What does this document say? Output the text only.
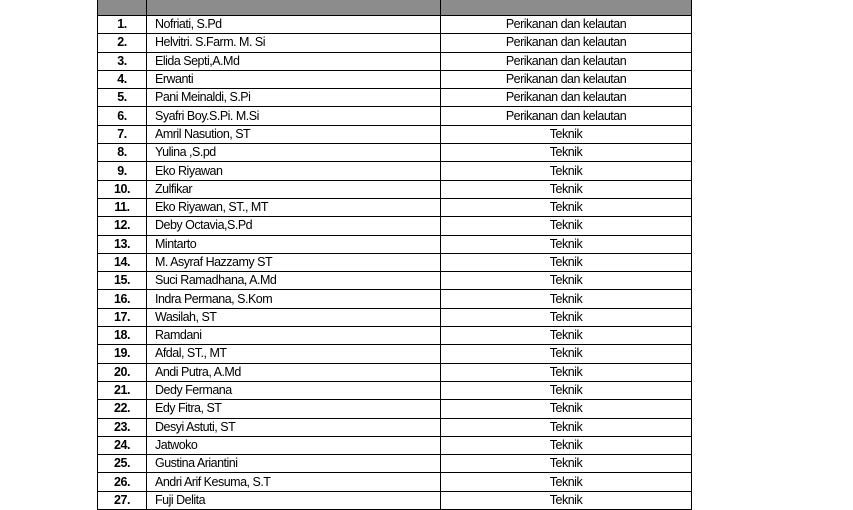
1.	Nofriati, S.Pd	Perikanan dan kelautan
2.	Helvitri. S.Farm. M. Si	Perikanan dan kelautan
3.	Elida Septi,A.Md	Perikanan dan kelautan
4.	Erwanti	Perikanan dan kelautan
5.	Pani Meinaldi, S.Pi	Perikanan dan kelautan
6.	Syafri Boy.S.Pi. M.Si	Perikanan dan kelautan
7.	Amril Nasution, ST	Teknik
8.	Yulina ,S.pd	Teknik
9.	Eko Riyawan	Teknik
10.	Zulfikar	Teknik
11.	Eko Riyawan, ST., MT	Teknik
12.	Deby Octavia,S.Pd	Teknik
13.	Mintarto	Teknik
14.	M. Asyraf Hazzamy ST	Teknik
15.	Suci Ramadhana, A.Md	Teknik
16.	Indra Permana, S.Kom	Teknik
17.	Wasilah, ST	Teknik
18.	Ramdani	Teknik
19.	Afdal, ST., MT	Teknik
20.	Andi Putra, A.Md	Teknik
21.	Dedy Fermana	Teknik
22.	Edy Fitra, ST	Teknik
23.	Desyi Astuti, ST	Teknik
24.	Jatwoko	Teknik
25.	Gustina Ariantini	Teknik
26.	Andri Arif Kesuma, S.T	Teknik
27.	Fuji Delita	Teknik
